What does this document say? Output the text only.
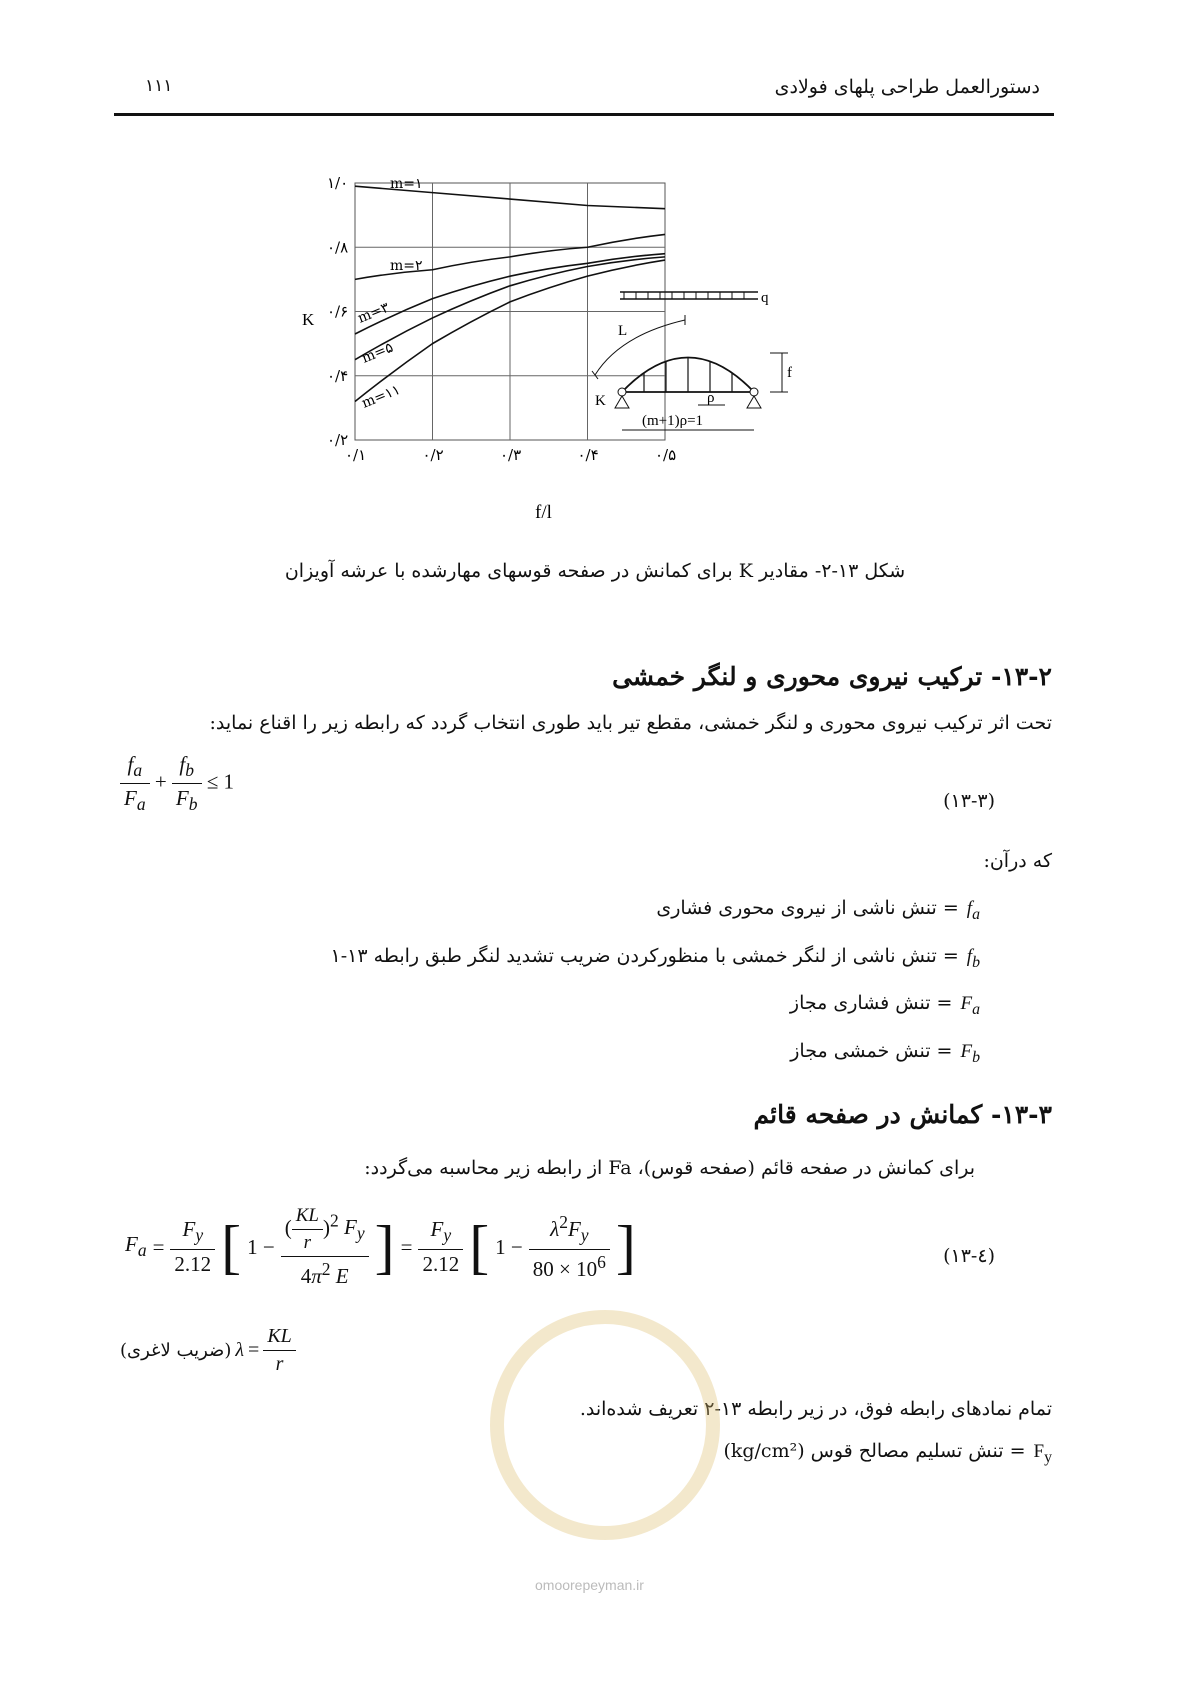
دستورالعمل طراحی پلهای فولادی
۱۱۱
۰/۱	۰/۲	۰/۳	۰/۴	۰/۵
۱/۰
۰/۸
۰/۶
۰/۴
۰/۲
m=۱
m=۲
m=۳
m=۵
m=۱۱
K
f/l
q
L
f
K	ρ
(m+1)ρ=1
شکل ۱۳-۲- مقادیر K برای کمانش در صفحه قوسهای مهارشده با عرشه آویزان
۱۳-۲- ترکیب نیروی محوری و لنگر خمشی
تحت اثر ترکیب نیروی محوری و لنگر خمشی، مقطع تیر باید طوری انتخاب گردد که رابطه زیر را اقناع نماید:
$\frac{f_a}{F_a} + \frac{f_b}{F_b} \le 1$
(۱۳-۳)
که درآن:
$f_a$
= تنش ناشی از نیروی محوری فشاری
$f_b$
= تنش ناشی از لنگر خمشی با منظورکردن ضریب تشدید لنگر طبق رابطه ۱۳-۱
$F_a$
= تنش فشاری مجاز
$F_b$
= تنش خمشی مجاز
۱۳-۳- کمانش در صفحه قائم
برای کمانش در صفحه قائم (صفحه قوس)، Fa از رابطه زیر محاسبه می‌گردد:
$F_a = \frac{F_y}{2.12}$ [ $1 - \frac{( \frac{KL}{r} )^2 F_y}{4\pi^2 E}$ ] = $\frac{F_y}{2.12}$ [ $1 - \frac{\lambda^2F_y}{80 \times 10^6}$ ]	(۱۳-٤)
(ضریب لاغری) $\lambda = \frac{KL}{r}$
تمام نمادهای رابطه فوق، در زیر رابطه ۱۳-۲ تعریف شده‌اند.
$F_y$
= تنش تسلیم مصالح قوس (kg/cm²)
omoorepeyman.ir
